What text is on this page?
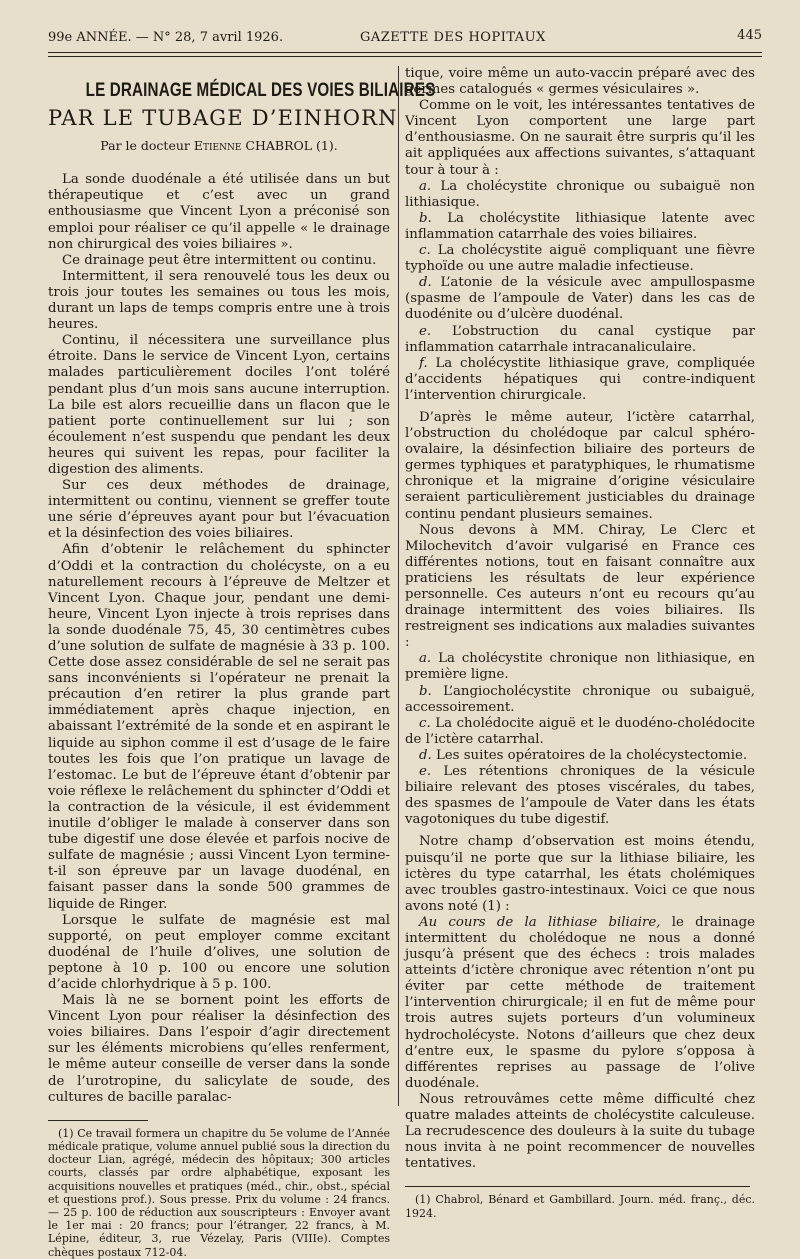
99e ANNÉE. — N° 28, 7 avril 1926.	GAZETTE DES HOPITAUX	445
LE DRAINAGE MÉDICAL DES VOIES BILIAIRES
PAR LE TUBAGE D’EINHORN
Par le docteur Etienne CHABROL (1).

La sonde duodénale a été utilisée dans un but thérapeutique et c’est avec un grand enthousiasme que Vincent Lyon a préconisé son emploi pour réaliser ce qu’il appelle « le drainage non chirurgical des voies biliaires ».

Ce drainage peut être intermittent ou continu.

Intermittent, il sera renouvelé tous les deux ou trois jour toutes les semaines ou tous les mois, durant un laps de temps compris entre une à trois heures.

Continu, il nécessitera une surveillance plus étroite. Dans le service de Vincent Lyon, certains malades particulièrement dociles l’ont toléré pendant plus d’un mois sans aucune interruption. La bile est alors recueillie dans un flacon que le patient porte continuellement sur lui ; son écoulement n’est suspendu que pendant les deux heures qui suivent les repas, pour faciliter la digestion des aliments.

Sur ces deux méthodes de drainage, intermittent ou continu, viennent se greffer toute une série d’épreuves ayant pour but l’évacuation et la désinfection des voies biliaires.

Afin d’obtenir le relâchement du sphincter d’Oddi et la contraction du cholécyste, on a eu naturellement recours à l’épreuve de Meltzer et Vincent Lyon. Chaque jour, pendant une demi-heure, Vincent Lyon injecte à trois reprises dans la sonde duodénale 75, 45, 30 centimètres cubes d’une solution de sulfate de magnésie à 33 p. 100. Cette dose assez considérable de sel ne serait pas sans inconvénients si l’opérateur ne prenait la précaution d’en retirer la plus grande part immédiatement après chaque injection, en abaissant l’extrémité de la sonde et en aspirant le liquide au siphon comme il est d’usage de le faire toutes les fois que l’on pratique un lavage de l’estomac. Le but de l’épreuve étant d’obtenir par voie réflexe le relâchement du sphincter d’Oddi et la contraction de la vésicule, il est évidemment inutile d’obliger le malade à conserver dans son tube digestif une dose élevée et parfois nocive de sulfate de magnésie ; aussi Vincent Lyon termine-t-il son épreuve par un lavage duodénal, en faisant passer dans la sonde 500 grammes de liquide de Ringer.

Lorsque le sulfate de magnésie est mal supporté, on peut employer comme excitant duodénal de l’huile d’olives, une solution de peptone à 10 p. 100 ou encore une solution d’acide chlorhydrique à 5 p. 100.

Mais là ne se bornent point les efforts de Vincent Lyon pour réaliser la désinfection des voies biliaires. Dans l’espoir d’agir directement sur les éléments microbiens qu’elles renferment, le même auteur conseille de verser dans la sonde de l’urotropine, du salicylate de soude, des cultures de bacille paralac-

(1) Ce travail formera un chapitre du 5e volume de l’Année médicale pratique, volume annuel publié sous la direction du docteur Lian, agrégé, médecin des hôpitaux; 300 articles courts, classés par ordre alphabétique, exposant les acquisitions nouvelles et pratiques (méd., chir., obst., spécial et questions prof.). Sous presse. Prix du volume : 24 francs. — 25 p. 100 de réduction aux souscripteurs : Envoyer avant le 1er mai : 20 francs; pour l’étranger, 22 francs, à M. Lépine, éditeur, 3, rue Vézelay, Paris (VIIIe). Comptes chèques postaux 712-04.

tique, voire même un auto-vaccin préparé avec des germes catalogués « germes vésiculaires ».

Comme on le voit, les intéressantes tentatives de Vincent Lyon comportent une large part d’enthousiasme. On ne saurait être surpris qu’il les ait appliquées aux affections suivantes, s’attaquant tour à tour à :

a. La cholécystite chronique ou subaiguë non lithiasique.

b. La cholécystite lithiasique latente avec inflammation catarrhale des voies biliaires.

c. La cholécystite aiguë compliquant une fièvre typhoïde ou une autre maladie infectieuse.

d. L’atonie de la vésicule avec ampullospasme (spasme de l’ampoule de Vater) dans les cas de duodénite ou d’ulcère duodénal.

e. L’obstruction du canal cystique par inflammation catarrhale intracanaliculaire.

f. La cholécystite lithiasique grave, compliquée d’accidents hépatiques qui contre-indiquent l’intervention chirurgicale.

D’après le même auteur, l’ictère catarrhal, l’obstruction du cholédoque par calcul sphéro-ovalaire, la désinfection biliaire des porteurs de germes typhiques et paratyphiques, le rhumatisme chronique et la migraine d’origine vésiculaire seraient particulièrement justiciables du drainage continu pendant plusieurs semaines.

Nous devons à MM. Chiray, Le Clerc et Milochevitch d’avoir vulgarisé en France ces différentes notions, tout en faisant connaître aux praticiens les résultats de leur expérience personnelle. Ces auteurs n’ont eu recours qu’au drainage intermittent des voies biliaires. Ils restreignent ses indications aux maladies suivantes :

a. La cholécystite chronique non lithiasique, en première ligne.

b. L’angiocholécystite chronique ou subaiguë, accessoirement.

c. La cholédocite aiguë et le duodéno-cholédocite de l’ictère catarrhal.

d. Les suites opératoires de la cholécystectomie.

e. Les rétentions chroniques de la vésicule biliaire relevant des ptoses viscérales, du tabes, des spasmes de l’ampoule de Vater dans les états vagotoniques du tube digestif.

Notre champ d’observation est moins étendu, puisqu’il ne porte que sur la lithiase biliaire, les ictères du type catarrhal, les états cholémiques avec troubles gastro-intestinaux. Voici ce que nous avons noté (1) :

Au cours de la lithiase biliaire, le drainage intermittent du cholédoque ne nous a donné jusqu’à présent que des échecs : trois malades atteints d’ictère chronique avec rétention n’ont pu éviter par cette méthode de traitement l’intervention chirurgicale; il en fut de même pour trois autres sujets porteurs d’un volumineux hydrocholécyste. Notons d’ailleurs que chez deux d’entre eux, le spasme du pylore s’opposa à différentes reprises au passage de l’olive duodénale.

Nous retrouvâmes cette même difficulté chez quatre malades atteints de cholécystite calculeuse. La recrudescence des douleurs à la suite du tubage nous invita à ne point recommencer de nouvelles tentatives.

(1) Chabrol, Bénard et Gambillard. Journ. méd. franç., déc. 1924.
